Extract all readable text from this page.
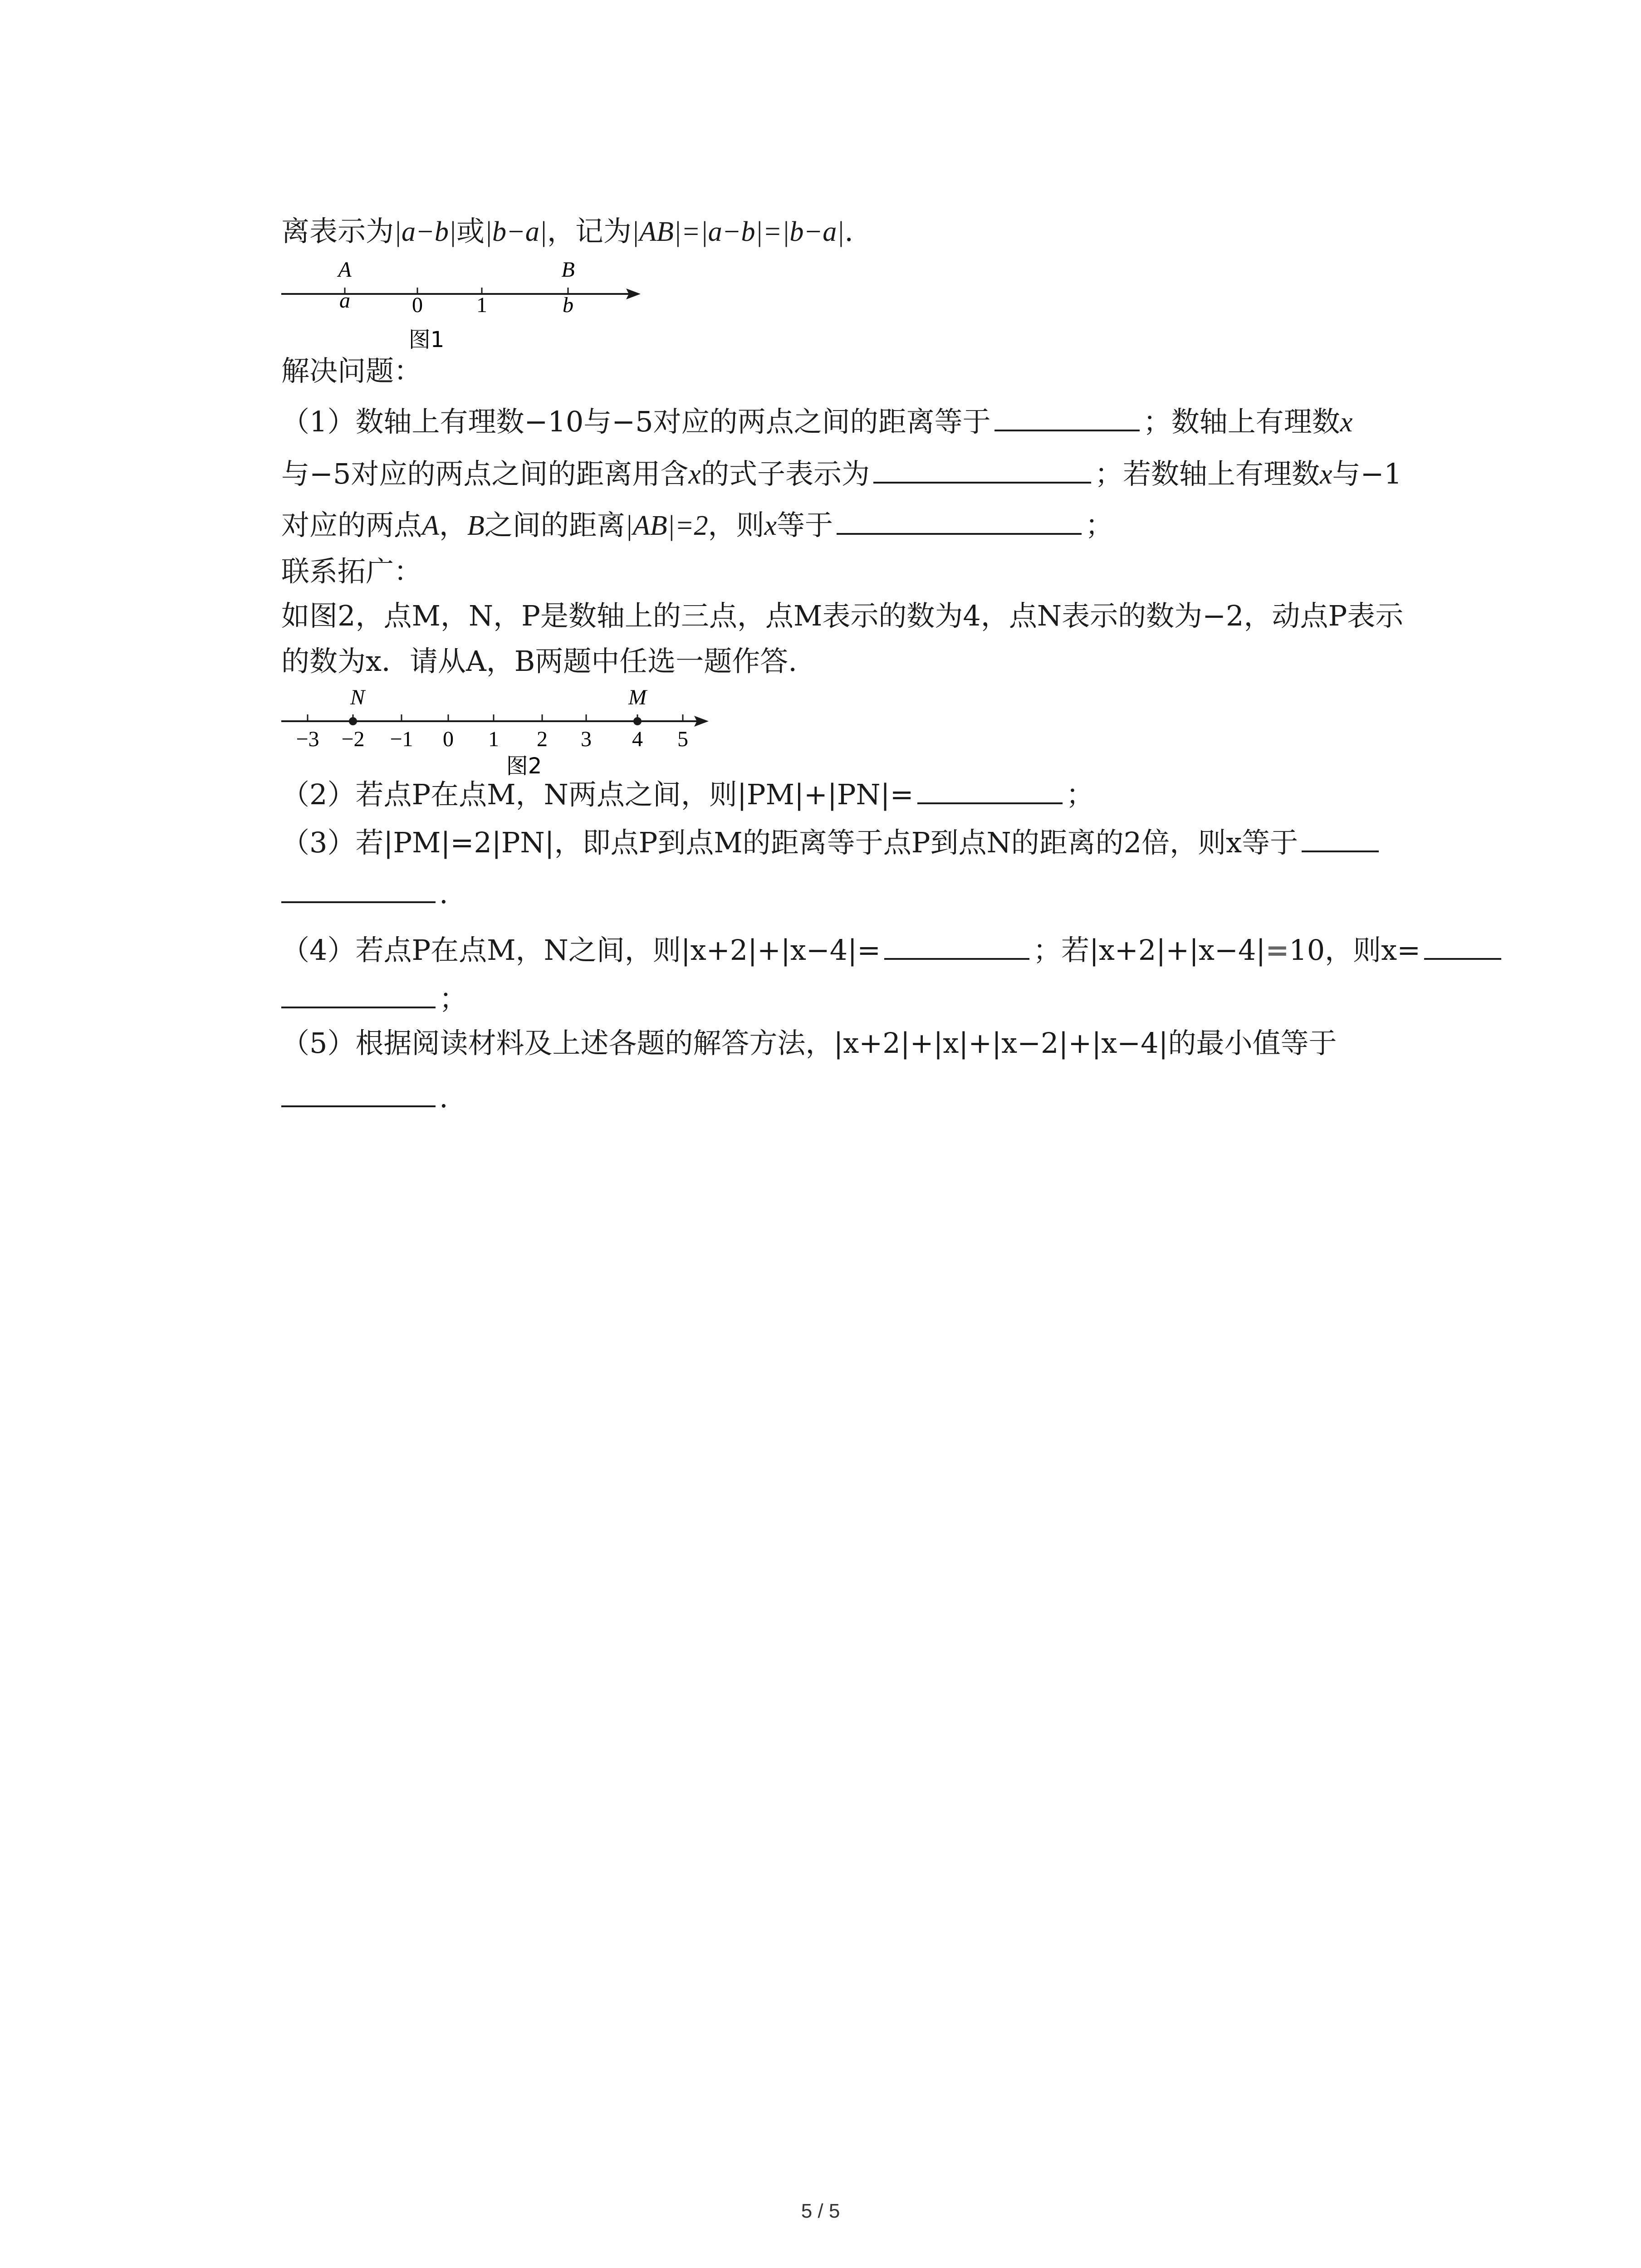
离表示为|a−b|或|b−a|，记为|AB|=|a−b|=|b−a|.
A	B
a	0 1	b
图1
解决问题：
（1）数轴上有理数−10与−5对应的两点之间的距离等于	；数轴上有理数x
与−5对应的两点之间的距离用含x的式子表示为	；若数轴上有理数x与−1
对应的两点A，B之间的距离|AB|=2，则x等于	；
联系拓广：
如图2，点M，N，P是数轴上的三点，点M表示的数为4，点N表示的数为−2，动点P表示
的数为x．请从A，B两题中任选一题作答.
−3 −2 −1 0 1 2 3 4 5
N	M
图2
（2）若点P在点M，N两点之间，则|PM|+|PN|=	；
（3）若|PM|=2|PN|，即点P到点M的距离等于点P到点N的距离的2倍，则x等于
.
（4）若点P在点M，N之间，则|x+2|+|x−4|=	；若|x+2|+|x−4|=10，则x=
；
（5）根据阅读材料及上述各题的解答方法，|x+2|+|x|+|x−2|+|x−4|的最小值等于
.
5 / 5
